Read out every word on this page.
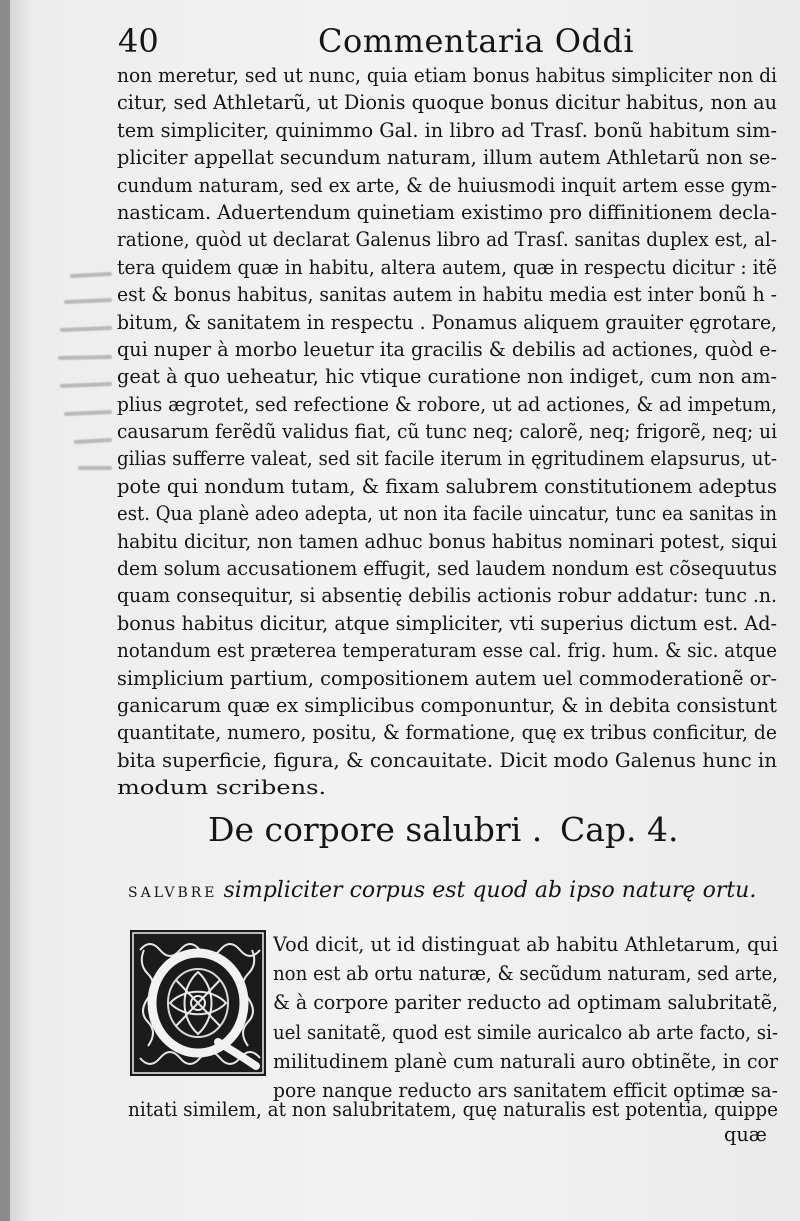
40	Commentaria Oddi
non meretur, sed ut nunc, quia etiam bonus habitus simpliciter non di
citur, sed Athletarũ, ut Dionis quoque bonus dicitur habitus, non au
tem simpliciter, quinimmo Gal. in libro ad Trasſ. bonũ habitum sim-
pliciter appellat secundum naturam, illum autem Athletarũ non se-
cundum naturam, sed ex arte, & de huiusmodi inquit artem esse gym-
nasticam. Aduertendum quinetiam existimo pro diffinitionem decla-
ratione, quòd ut declarat Galenus libro ad Trasſ. sanitas duplex est, al-
tera quidem quæ in habitu, altera autem, quæ in respectu dicitur : itẽ
est & bonus habitus, sanitas autem in habitu media est inter bonũ h -
bitum, & sanitatem in respectu . Ponamus aliquem grauiter ęgrotare,
qui nuper à morbo leuetur ita gracilis & debilis ad actiones, quòd e-
geat à quo ueheatur, hic vtique curatione non indiget, cum non am-
plius ægrotet, sed refectione & robore, ut ad actiones, & ad impetum,
causarum ferẽdũ validus fiat, cũ tunc neq; calorẽ, neq; frigorẽ, neq; ui
gilias sufferre valeat, sed sit facile iterum in ęgritudinem elapsurus, ut-
pote qui nondum tutam, & fixam salubrem constitutionem adeptus
est. Qua planè adeo adepta, ut non ita facile uincatur, tunc ea sanitas in
habitu dicitur, non tamen adhuc bonus habitus nominari potest, siqui
dem solum accusationem effugit, sed laudem nondum est cõsequutus
quam consequitur, si absentię debilis actionis robur addatur: tunc .n.
bonus habitus dicitur, atque simpliciter, vti superius dictum est. Ad-
notandum est præterea temperaturam esse cal. frig. hum. & sic. atque
simplicium partium, compositionem autem uel commoderationẽ or-
ganicarum quæ ex simplicibus componuntur, & in debita consistunt
quantitate, numero, positu, & formatione, quę ex tribus conficitur, de
bita superficie, figura, & concauitate. Dicit modo Galenus hunc in
modum scribens.
De corpore salubri . Cap. 4.
SALVBRE simpliciter corpus est quod ab ipso naturę ortu.
Vod dicit, ut id distinguat ab habitu Athletarum, qui
non est ab ortu naturæ, & secũdum naturam, sed arte,
& à corpore pariter reducto ad optimam salubritatẽ,
uel sanitatẽ, quod est simile auricalco ab arte facto, si-
militudinem planè cum naturali auro obtinẽte, in cor
pore nanque reducto ars sanitatem efficit optimæ sa-
nitati similem, at non salubritatem, quę naturalis est potentia, quippe
quæ
